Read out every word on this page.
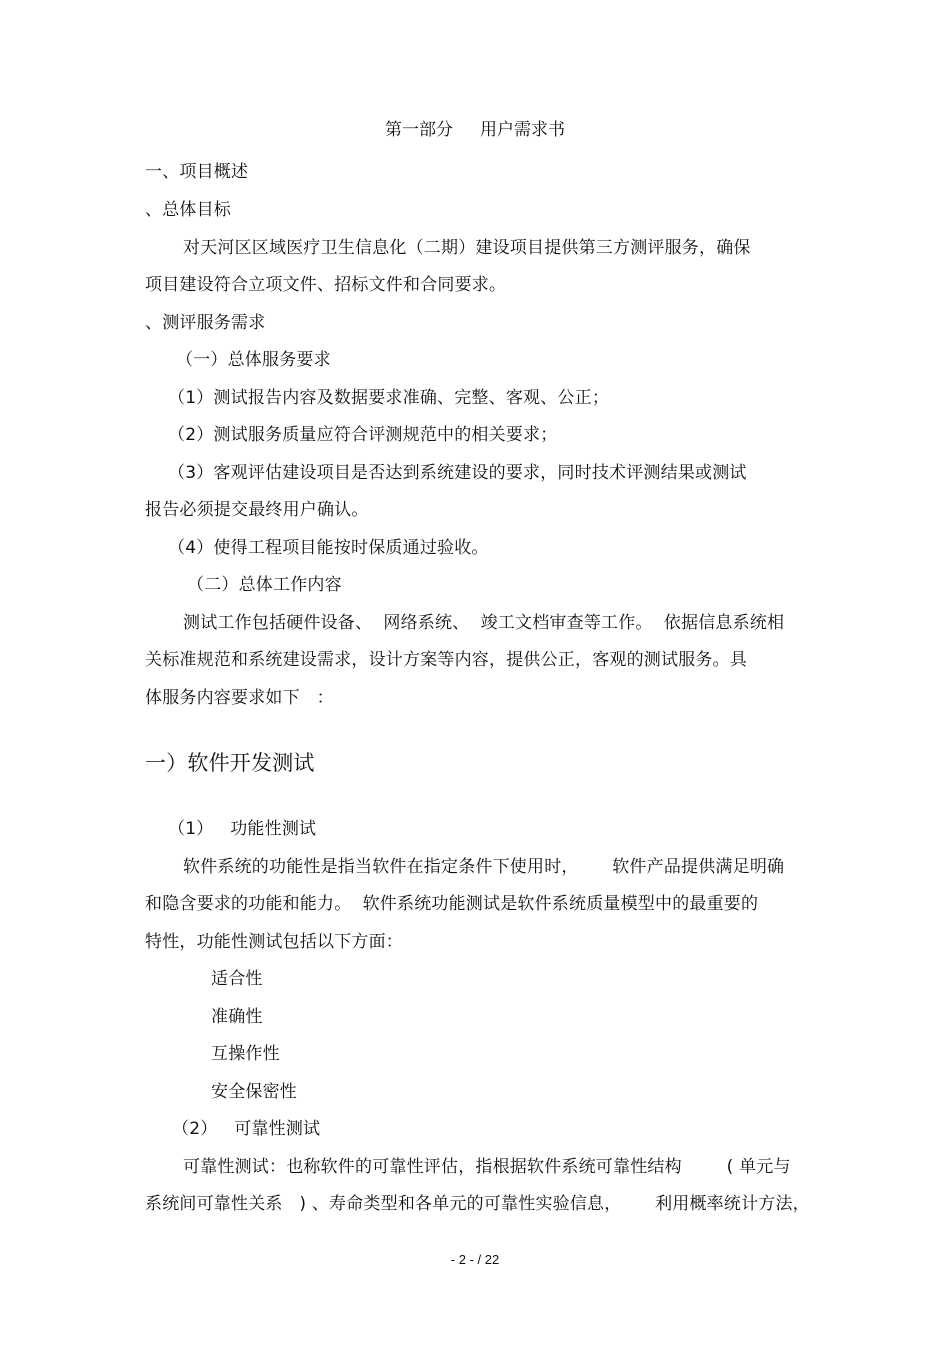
第一部分     用户需求书
一、项目概述
、总体目标
对天河区区域医疗卫生信息化（二期）建设项目提供第三方测评服务，确保
项目建设符合立项文件、招标文件和合同要求。
、测评服务需求
（一）总体服务要求
（1）测试报告内容及数据要求准确、完整、客观、公正；
（2）测试服务质量应符合评测规范中的相关要求；
（3）客观评估建设项目是否达到系统建设的要求，同时技术评测结果或测试
报告必须提交最终用户确认。
（4）使得工程项目能按时保质通过验收。
（二）总体工作内容
测试工作包括硬件设备、  网络系统、  竣工文档审查等工作。  依据信息系统相
关标准规范和系统建设需求，设计方案等内容，提供公正，客观的测试服务。具
体服务内容要求如下   ：
一）软件开发测试
（1）   功能性测试
软件系统的功能性是指当软件在指定条件下使用时，      软件产品提供满足明确
和隐含要求的功能和能力。  软件系统功能测试是软件系统质量模型中的最重要的
特性，功能性测试包括以下方面：
适合性
准确性
互操作性
安全保密性
（2）   可靠性测试
可靠性测试：也称软件的可靠性评估，指根据软件系统可靠性结构        ( 单元与
系统间可靠性关系   ) 、寿命类型和各单元的可靠性实验信息，      利用概率统计方法，
- 2 - / 22
